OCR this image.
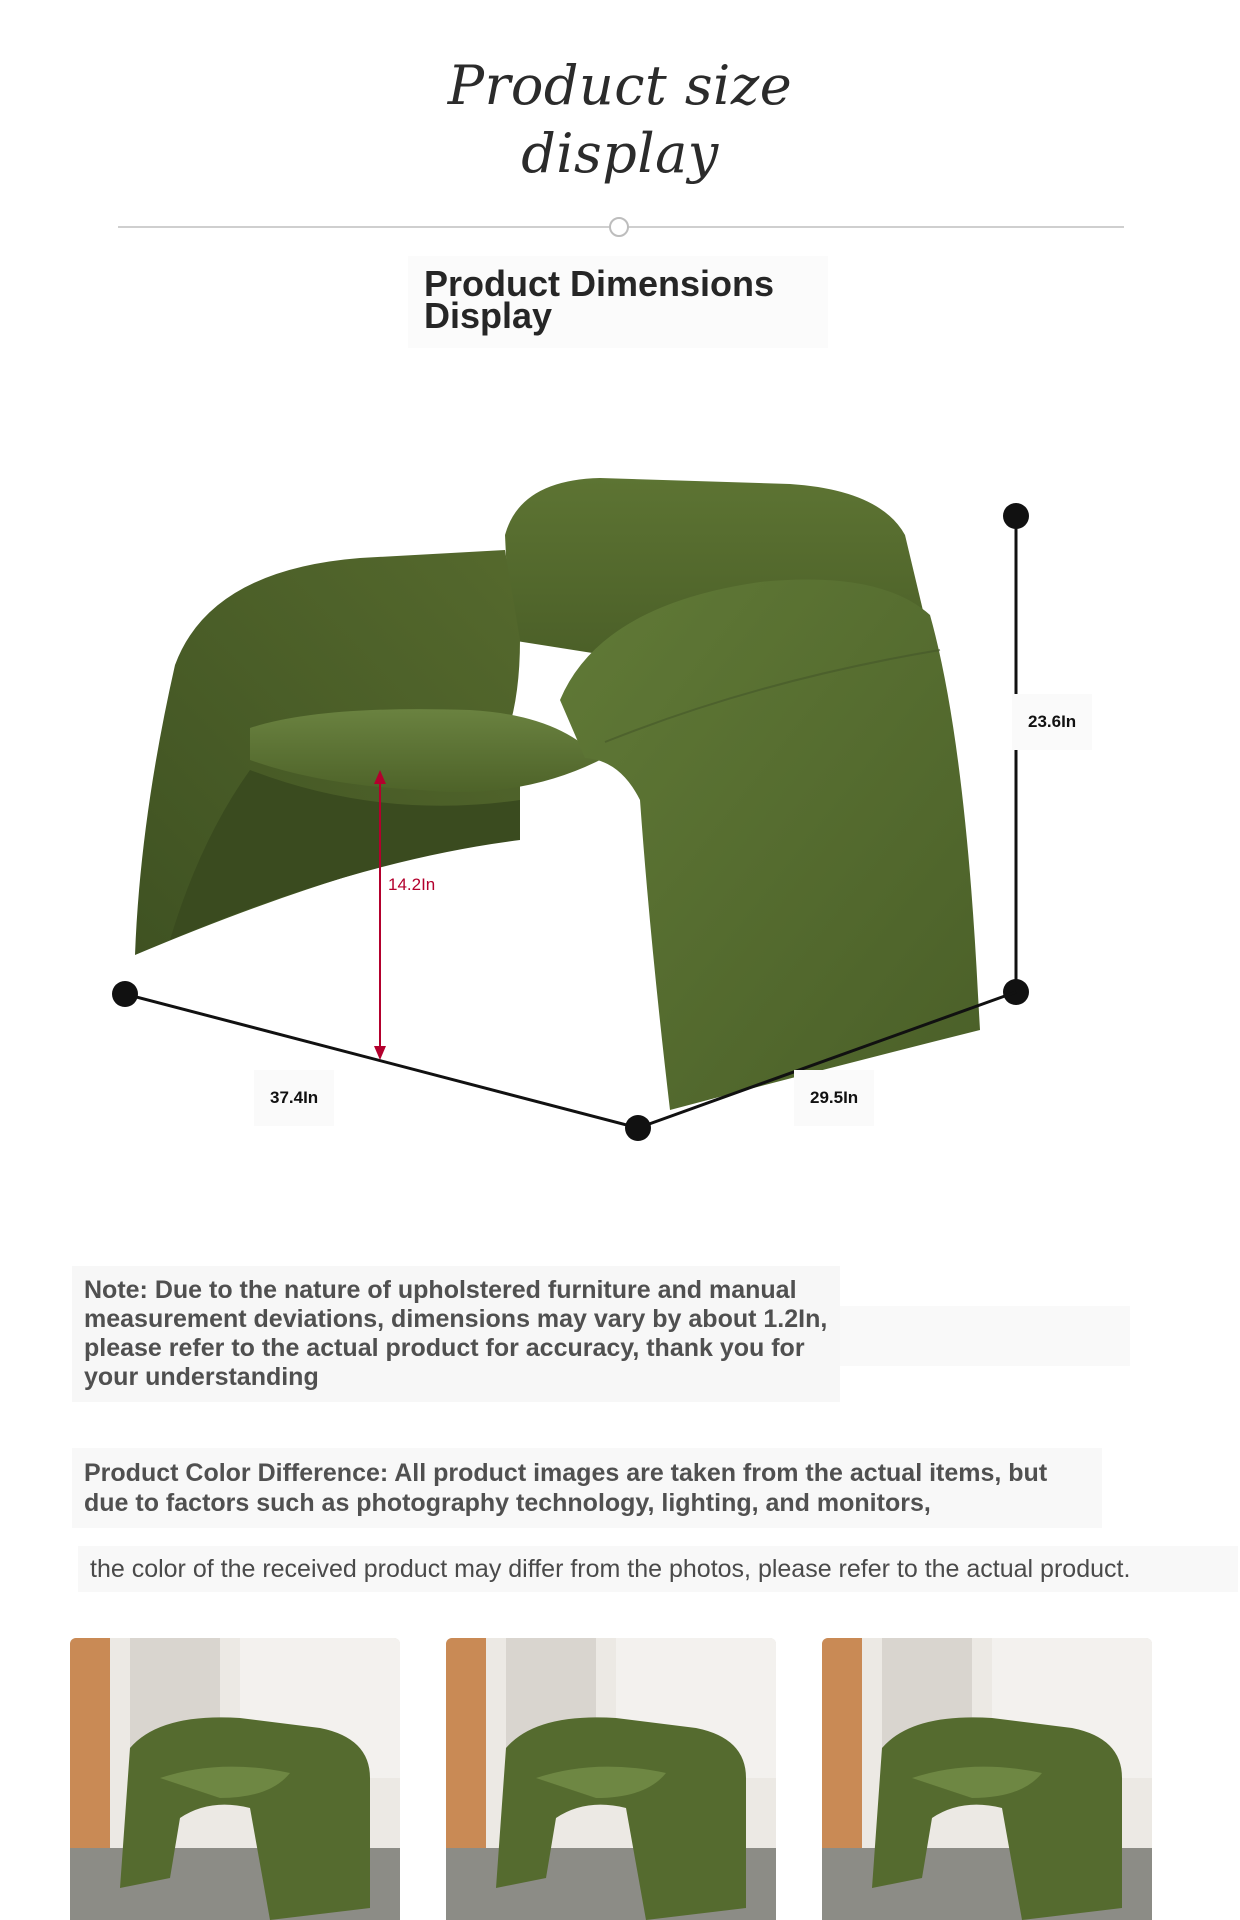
Product size
display
Product Dimensions
Display
14.2In
23.6In
37.4In	29.5In
Note: Due to the nature of upholstered furniture and manual measurement deviations, dimensions may vary by about 1.2In, please refer to the actual product for accuracy, thank you for your understanding
Product Color Difference: All product images are taken from the actual items, but due to factors such as photography technology, lighting, and monitors,
the color of the received product may differ from the photos, please refer to the actual product.
